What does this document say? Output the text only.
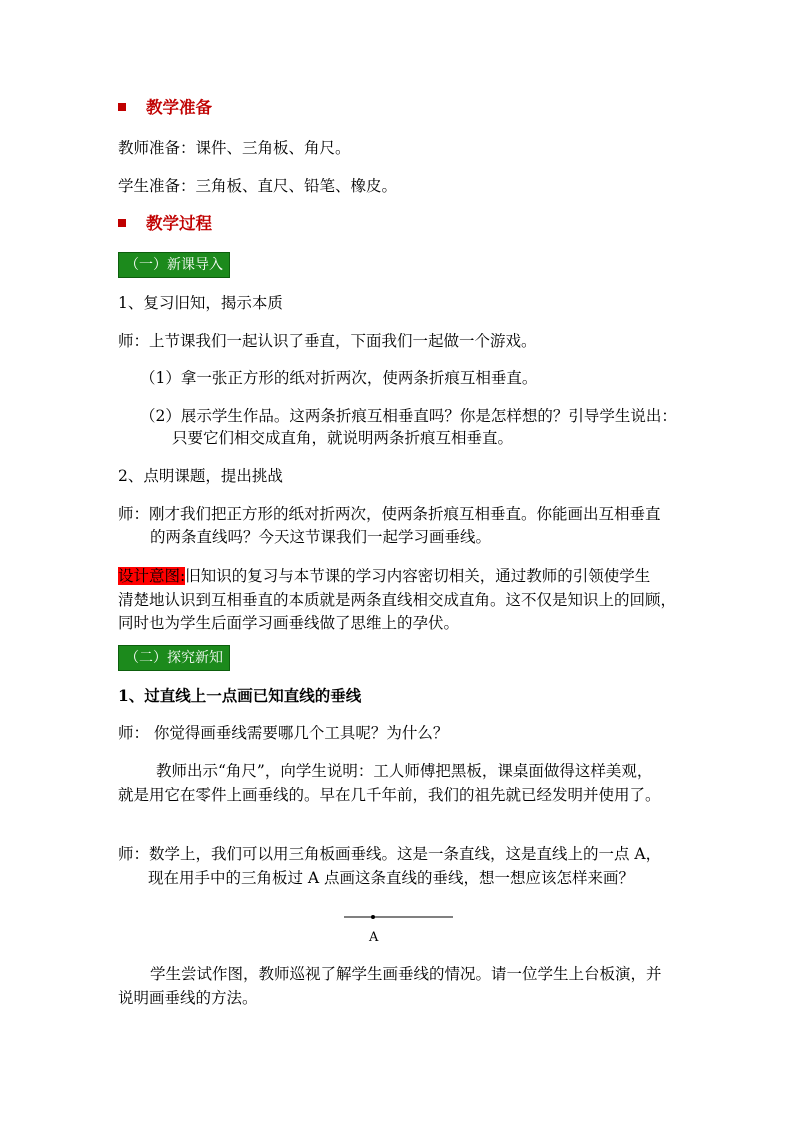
教学准备
教师准备：课件、三角板、角尺。
学生准备：三角板、直尺、铅笔、橡皮。
教学过程
（一）新课导入
1、复习旧知，揭示本质
师：上节课我们一起认识了垂直，下面我们一起做一个游戏。
（1）拿一张正方形的纸对折两次，使两条折痕互相垂直。
（2）展示学生作品。这两条折痕互相垂直吗？你是怎样想的？引导学生说出：
只要它们相交成直角，就说明两条折痕互相垂直。
2、点明课题，提出挑战
师：刚才我们把正方形的纸对折两次，使两条折痕互相垂直。你能画出互相垂直
的两条直线吗？今天这节课我们一起学习画垂线。
设计意图:旧知识的复习与本节课的学习内容密切相关，通过教师的引领使学生
清楚地认识到互相垂直的本质就是两条直线相交成直角。这不仅是知识上的回顾，
同时也为学生后面学习画垂线做了思维上的孕伏。
（二）探究新知
1、过直线上一点画已知直线的垂线
师： 你觉得画垂线需要哪几个工具呢？为什么？
教师出示“角尺”，向学生说明：工人师傅把黑板，课桌面做得这样美观，
就是用它在零件上画垂线的。早在几千年前，我们的祖先就已经发明并使用了。
师：数学上，我们可以用三角板画垂线。这是一条直线，这是直线上的一点 A，
现在用手中的三角板过 A 点画这条直线的垂线，想一想应该怎样来画？
A
学生尝试作图，教师巡视了解学生画垂线的情况。请一位学生上台板演，并
说明画垂线的方法。
